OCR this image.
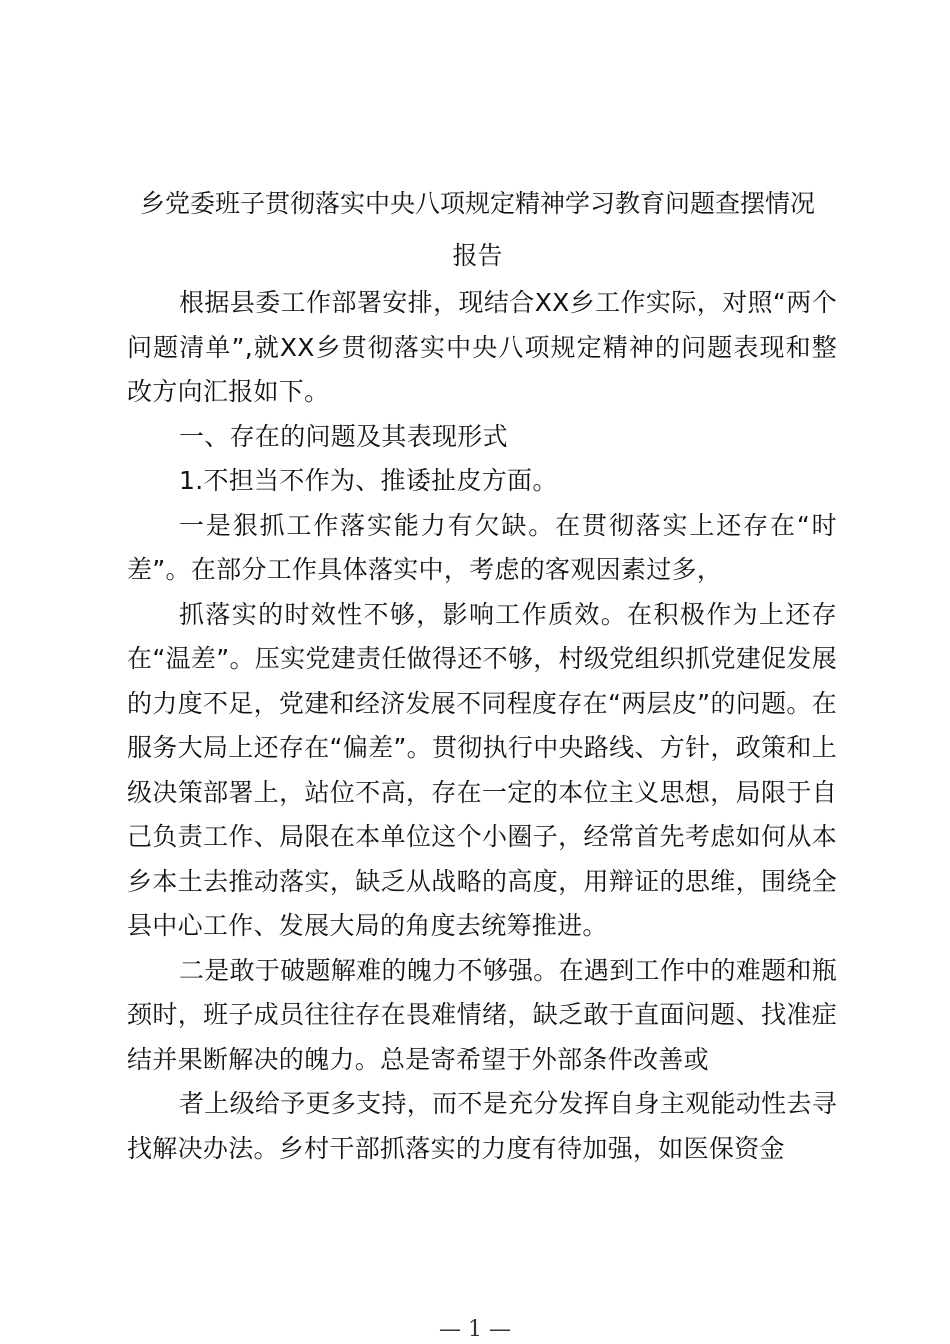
乡党委班子贯彻落实中央八项规定精神学习教育问题查摆情况
报告

根据县委工作部署安排，现结合XX乡工作实际，对照“两个问题清单”,就XX乡贯彻落实中央八项规定精神的问题表现和整改方向汇报如下。

一、存在的问题及其表现形式

1.不担当不作为、推诿扯皮方面。

一是狠抓工作落实能力有欠缺。在贯彻落实上还存在“时差”。在部分工作具体落实中，考虑的客观因素过多，

抓落实的时效性不够，影响工作质效。在积极作为上还存在“温差”。压实党建责任做得还不够，村级党组织抓党建促发展的力度不足，党建和经济发展不同程度存在“两层皮”的问题。在服务大局上还存在“偏差”。贯彻执行中央路线、方针，政策和上级决策部署上，站位不高，存在一定的本位主义思想，局限于自己负责工作、局限在本单位这个小圈子，经常首先考虑如何从本乡本土去推动落实，缺乏从战略的高度，用辩证的思维，围绕全县中心工作、发展大局的角度去统筹推进。

二是敢于破题解难的魄力不够强。在遇到工作中的难题和瓶颈时，班子成员往往存在畏难情绪，缺乏敢于直面问题、找准症结并果断解决的魄力。总是寄希望于外部条件改善或

者上级给予更多支持，而不是充分发挥自身主观能动性去寻找解决办法。乡村干部抓落实的力度有待加强，如医保资金

— 1 —
